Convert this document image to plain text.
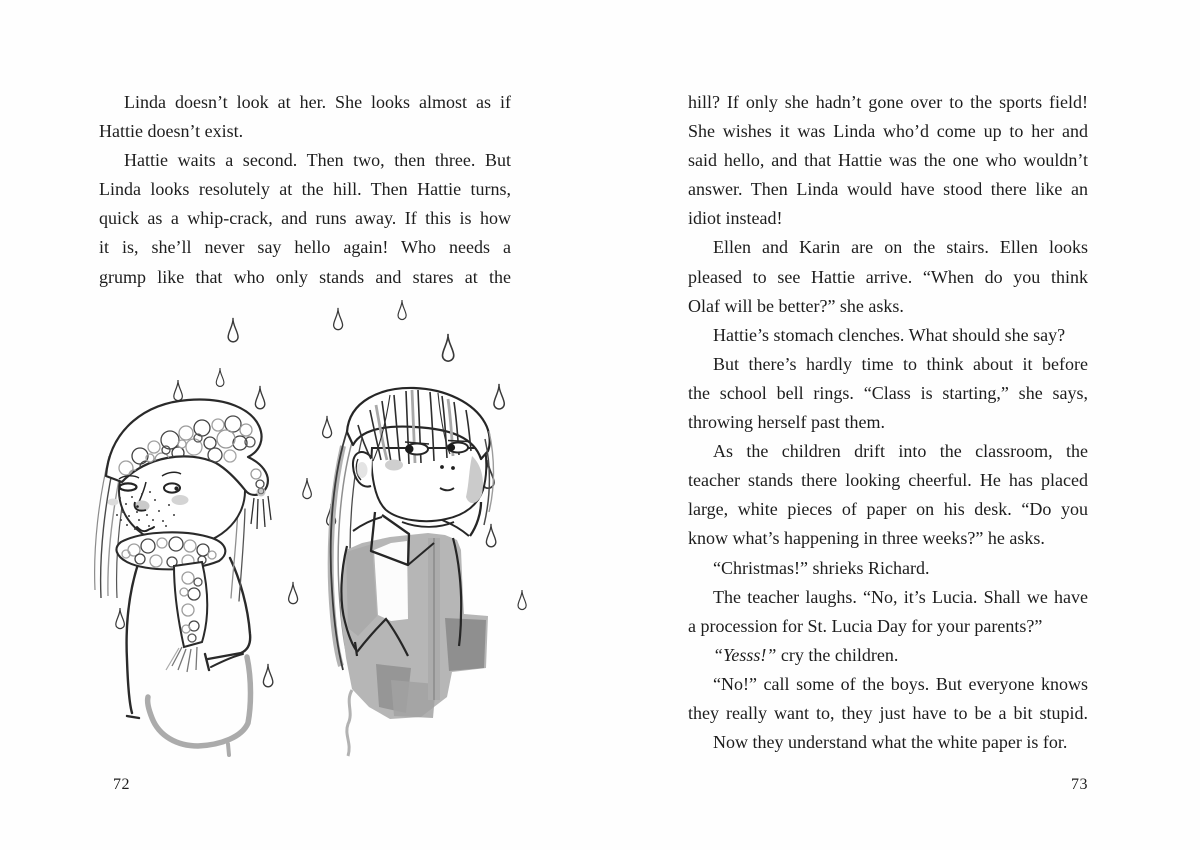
Linda doesn’t look at her. She looks almost as if
Hattie doesn’t exist.
Hattie waits a second. Then two, then three. But
Linda looks resolutely at the hill. Then Hattie turns,
quick as a whip-crack, and runs away. If this is how
it is, she’ll never say hello again! Who needs a
grump like that who only stands and stares at the
72
hill? If only she hadn’t gone over to the sports field!
She wishes it was Linda who’d come up to her and
said hello, and that Hattie was the one who wouldn’t
answer. Then Linda would have stood there like an
idiot instead!
Ellen and Karin are on the stairs. Ellen looks
pleased to see Hattie arrive. “When do you think
Olaf will be better?” she asks.
Hattie’s stomach clenches. What should she say?
But there’s hardly time to think about it before
the school bell rings. “Class is starting,” she says,
throwing herself past them.
As the children drift into the classroom, the
teacher stands there looking cheerful. He has placed
large, white pieces of paper on his desk. “Do you
know what’s happening in three weeks?” he asks.
“Christmas!” shrieks Richard.
The teacher laughs. “No, it’s Lucia. Shall we have
a procession for St. Lucia Day for your parents?”
“Yesss!” cry the children.
“No!” call some of the boys. But everyone knows
they really want to, they just have to be a bit stupid.
Now they understand what the white paper is for.
73
